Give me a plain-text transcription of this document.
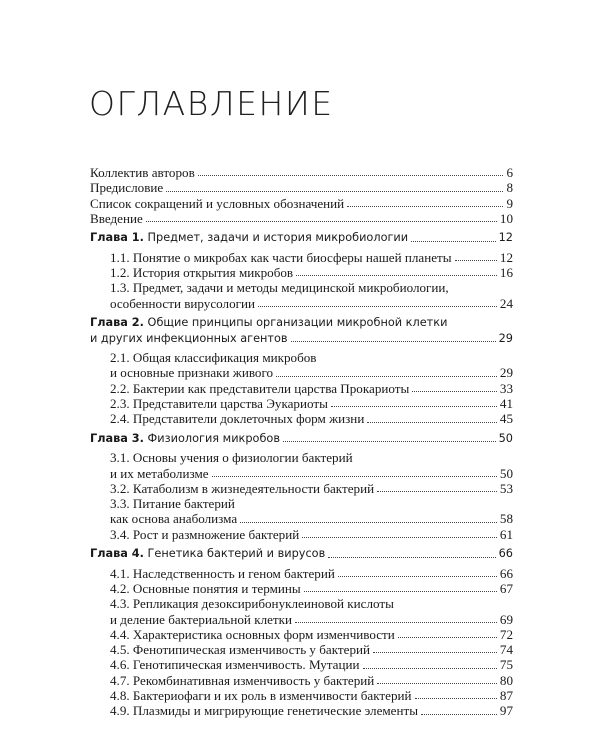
ОГЛАВЛЕНИЕ
Коллектив авторов	6
Предисловие	8
Список сокращений и условных обозначений	9
Введение	10
Глава 1. Предмет, задачи и история микробиологии	12
1.1. Понятие о микробах как части биосферы нашей планеты	12
1.2. История открытия микробов	16
1.3. Предмет, задачи и методы медицинской микробиологии,
особенности вирусологии	24
Глава 2. Общие принципы организации микробной клетки
и других инфекционных агентов	29
2.1. Общая классификация микробов
и основные признаки живого	29
2.2. Бактерии как представители царства Прокариоты	33
2.3. Представители царства Эукариоты	41
2.4. Представители доклеточных форм жизни	45
Глава 3. Физиология микробов	50
3.1. Основы учения о физиологии бактерий
и их метаболизме	50
3.2. Катаболизм в жизнедеятельности бактерий	53
3.3. Питание бактерий
как основа анаболизма	58
3.4. Рост и размножение бактерий	61
Глава 4. Генетика бактерий и вирусов	66
4.1. Наследственность и геном бактерий	66
4.2. Основные понятия и термины	67
4.3. Репликация дезоксирибонуклеиновой кислоты
и деление бактериальной клетки	69
4.4. Характеристика основных форм изменчивости	72
4.5. Фенотипическая изменчивость у бактерий	74
4.6. Генотипическая изменчивость. Мутации	75
4.7. Рекомбинативная изменчивость у бактерий	80
4.8. Бактериофаги и их роль в изменчивости бактерий	87
4.9. Плазмиды и мигрирующие генетические элементы	97
